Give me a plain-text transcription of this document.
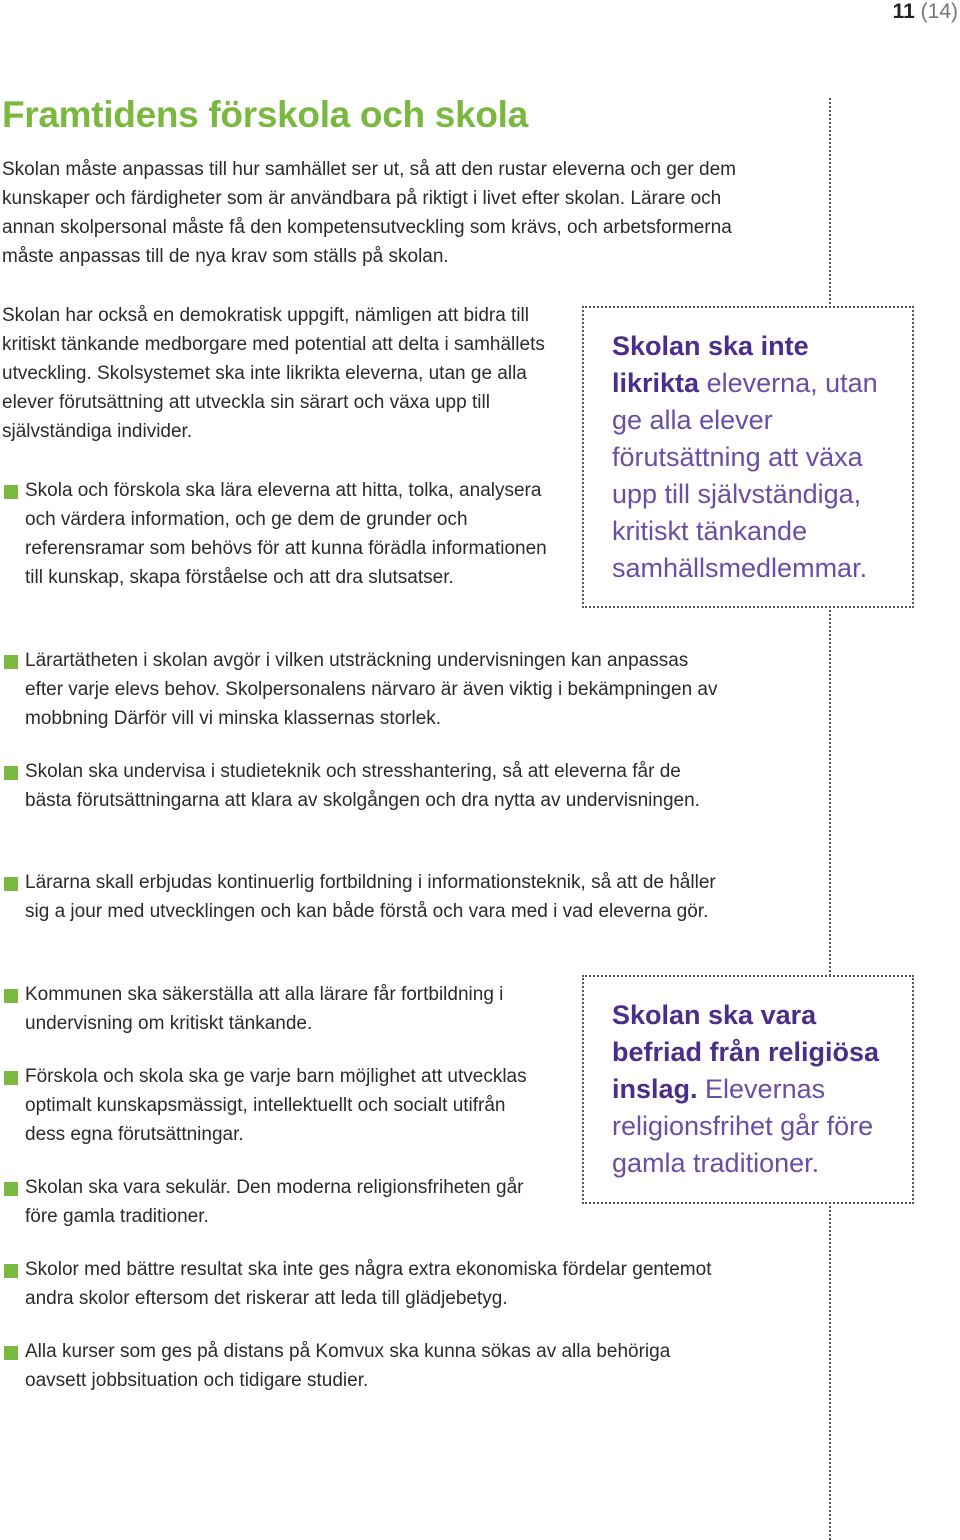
11 (14)
Framtidens förskola och skola

Skolan måste anpassas till hur samhället ser ut, så att den rustar eleverna och ger dem kunskaper och färdigheter som är användbara på riktigt i livet efter skolan. Lärare och annan skolpersonal måste få den kompetensutveckling som krävs, och arbetsformerna måste anpassas till de nya krav som ställs på skolan.

Skolan har också en demokratisk uppgift, nämligen att bidra till kritiskt tänkande medborgare med potential att delta i samhällets utveckling. Skolsystemet ska inte likrikta eleverna, utan ge alla elever förutsättning att utveckla sin särart och växa upp till självständiga individer.

Skola och förskola ska lära eleverna att hitta, tolka, analysera och värdera information, och ge dem de grunder och referensramar som behövs för att kunna förädla informationen till kunskap, skapa förståelse och att dra slutsatser.
Lärartätheten i skolan avgör i vilken utsträckning undervisningen kan anpassas efter varje elevs behov. Skolpersonalens närvaro är även viktig i bekämpningen av mobbning Därför vill vi minska klassernas storlek.
Skolan ska undervisa i studieteknik och stresshantering, så att eleverna får de bästa förutsättningarna att klara av skolgången och dra nytta av undervisningen.
Lärarna skall erbjudas kontinuerlig fortbildning i informationsteknik, så att de håller sig a jour med utvecklingen och kan både förstå och vara med i vad eleverna gör.
Kommunen ska säkerställa att alla lärare får fortbildning i undervisning om kritiskt tänkande.
Förskola och skola ska ge varje barn möjlighet att utvecklas optimalt kunskapsmässigt, intellektuellt och socialt utifrån dess egna förutsättningar.
Skolan ska vara sekulär. Den moderna religionsfriheten går före gamla traditioner.
Skolor med bättre resultat ska inte ges några extra ekonomiska fördelar gentemot andra skolor eftersom det riskerar att leda till glädjebetyg.
Alla kurser som ges på distans på Komvux ska kunna sökas av alla behöriga oavsett jobbsituation och tidigare studier.
Skolan ska inte likrikta eleverna, utan ge alla elever förutsättning att växa upp till självständiga, kritiskt tänkande samhällsmedlemmar.
Skolan ska vara befriad från religiösa inslag. Elevernas religionsfrihet går före gamla traditioner.
